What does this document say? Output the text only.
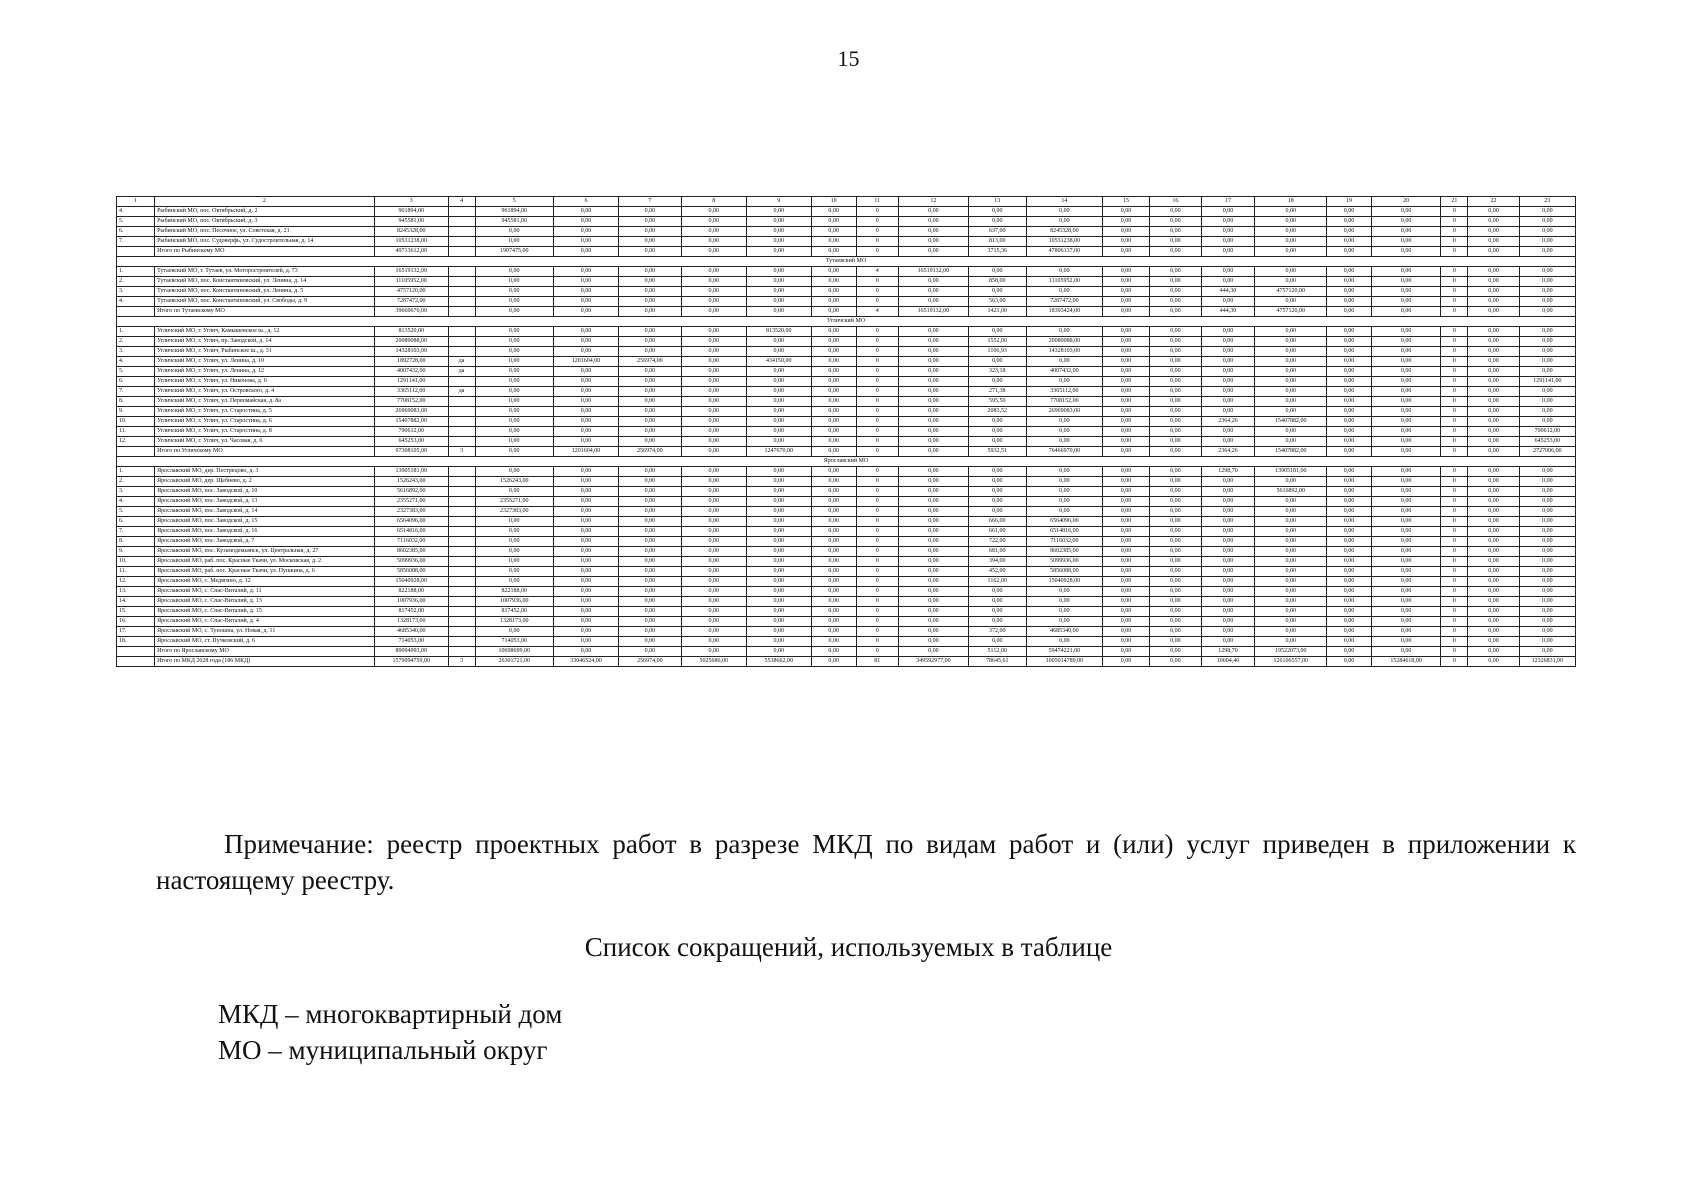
15
1	2	3	4	5	6	7	8	9	10	11	12	13	14	15	16	17	18	19	20	21	22	23
4.	Рыбинский МО, пос. Октябрьский, д. 2	961894,00		961894,00	0,00	0,00	0,00	0,00	0,00	0	0,00	0,00	0,00	0,00	0,00	0,00	0,00	0,00	0,00	0	0,00	0,00
5.	Рыбинский МО, пос. Октябрьский, д. 3	945581,00		945581,00	0,00	0,00	0,00	0,00	0,00	0	0,00	0,00	0,00	0,00	0,00	0,00	0,00	0,00	0,00	0	0,00	0,00
6.	Рыбинский МО, пос. Песочное, ул. Советская, д. 21	8245328,00		0,00	0,00	0,00	0,00	0,00	0,00	0	0,00	637,00	8245328,00	0,00	0,00	0,00	0,00	0,00	0,00	0	0,00	0,00
7.	Рыбинский МО, пос. Судоверфь, ул. Судостроительная, д. 14	10531238,00		0,00	0,00	0,00	0,00	0,00	0,00	0	0,00	813,00	10531238,00	0,00	0,00	0,00	0,00	0,00	0,00	0	0,00	0,00
	Итого по Рыбинскому МО	49713612,00		1907475,00	0,00	0,00	0,00	0,00	0,00	0	0,00	3715,36	47806137,00	0,00	0,00	0,00	0,00	0,00	0,00	0	0,00	0,00
Тутаевский МО																						
1.	Тутаевский МО, г. Тутаев, ул. Моторостроителей, д. 73	16519132,00		0,00	0,00	0,00	0,00	0,00	0,00	4	16519132,00	0,00	0,00	0,00	0,00	0,00	0,00	0,00	0,00	0	0,00	0,00
2.	Тутаевский МО, пос. Константиновский, ул. Ленина, д. 14	11105952,00		0,00	0,00	0,00	0,00	0,00	0,00	0	0,00	858,00	11105952,00	0,00	0,00	0,00	0,00	0,00	0,00	0	0,00	0,00
3.	Тутаевский МО, пос. Константиновский, ул. Ленина, д. 5	4757120,00		0,00	0,00	0,00	0,00	0,00	0,00	0	0,00	0,00	0,00	0,00	0,00	444,30	4757120,00	0,00	0,00	0	0,00	0,00
4.	Тутаевский МО, пос. Константиновский, ул. Свободы, д. 9	7287472,00		0,00	0,00	0,00	0,00	0,00	0,00	0	0,00	563,00	7287472,00	0,00	0,00	0,00	0,00	0,00	0,00	0	0,00	0,00
	Итого по Тутаевскому МО	39669676,00		0,00	0,00	0,00	0,00	0,00	0,00	4	16519132,00	1421,00	18393424,00	0,00	0,00	444,30	4757120,00	0,00	0,00	0	0,00	0,00
Угличский МО																						
1.	Угличский МО, г. Углич, Камышевское ш., д. 12	813520,00		0,00	0,00	0,00	0,00	813520,00	0,00	0	0,00	0,00	0,00	0,00	0,00	0,00	0,00	0,00	0,00	0	0,00	0,00
2.	Угличский МО, г. Углич, пр. Заводской, д. 14	20089088,00		0,00	0,00	0,00	0,00	0,00	0,00	0	0,00	1552,00	20089088,00	0,00	0,00	0,00	0,00	0,00	0,00	0	0,00	0,00
3.	Угличский МО, г. Углич, Рыбинское ш., д. 31	14328103,00		0,00	0,00	0,00	0,00	0,00	0,00	0	0,00	1106,93	14328103,00	0,00	0,00	0,00	0,00	0,00	0,00	0	0,00	0,00
4.	Угличский МО, г. Углич, ул. Ленина, д. 10	1892728,00	да	0,00	1201604,00	256974,00	0,00	434150,00	0,00	0	0,00	0,00	0,00	0,00	0,00	0,00	0,00	0,00	0,00	0	0,00	0,00
5.	Угличский МО, г. Углич, ул. Ленина, д. 12	4007432,00	да	0,00	0,00	0,00	0,00	0,00	0,00	0	0,00	323,18	4007432,00	0,00	0,00	0,00	0,00	0,00	0,00	0	0,00	0,00
6.	Угличский МО, г. Углич, ул. Никонова, д. 6	1291141,00		0,00	0,00	0,00	0,00	0,00	0,00	0	0,00	0,00	0,00	0,00	0,00	0,00	0,00	0,00	0,00	0	0,00	1291141,00
7.	Угличский МО, г. Углич, ул. Островского, д. 4	3365112,00	да	0,00	0,00	0,00	0,00	0,00	0,00	0	0,00	271,38	3365112,00	0,00	0,00	0,00	0,00	0,00	0,00	0	0,00	0,00
8.	Угличский МО, г. Углич, ул. Первомайская, д. 8а	7708152,00		0,00	0,00	0,00	0,00	0,00	0,00	0	0,00	595,50	7708152,00	0,00	0,00	0,00	0,00	0,00	0,00	0	0,00	0,00
9.	Угличский МО, г. Углич, ул. Старостина, д. 5	26969083,00		0,00	0,00	0,00	0,00	0,00	0,00	0	0,00	2083,52	26969083,00	0,00	0,00	0,00	0,00	0,00	0,00	0	0,00	0,00
10.	Угличский МО, г. Углич, ул. Старостина, д. 6	15407882,00		0,00	0,00	0,00	0,00	0,00	0,00	0	0,00	0,00	0,00	0,00	0,00	2364,26	15407882,00	0,00	0,00	0	0,00	0,00
11.	Угличский МО, г. Углич, ул. Старостина, д. 8	790612,00		0,00	0,00	0,00	0,00	0,00	0,00	0	0,00	0,00	0,00	0,00	0,00	0,00	0,00	0,00	0,00	0	0,00	790612,00
12.	Угличский МО, г. Углич, ул. Часовая, д. 6	645253,00		0,00	0,00	0,00	0,00	0,00	0,00	0	0,00	0,00	0,00	0,00	0,00	0,00	0,00	0,00	0,00	0	0,00	645253,00
	Итого по Угличскому МО	97308105,00	3	0,00	1201604,00	256974,00	0,00	1247670,00	0,00	0	0,00	5932,51	76466970,00	0,00	0,00	2364,26	15407882,00	0,00	0,00	0	0,00	2727006,00
Ярославский МО																						
1.	Ярославский МО, дер. Пестрецово, д. 3	13905181,00		0,00	0,00	0,00	0,00	0,00	0,00	0	0,00	0,00	0,00	0,00	0,00	1298,70	13905181,00	0,00	0,00	0	0,00	0,00
2.	Ярославский МО, дер. Щебнево, д. 2	1526243,00		1526243,00	0,00	0,00	0,00	0,00	0,00	0	0,00	0,00	0,00	0,00	0,00	0,00	0,00	0,00	0,00	0	0,00	0,00
3.	Ярославский МО, пос. Заводской, д. 10	5616892,00		0,00	0,00	0,00	0,00	0,00	0,00	0	0,00	0,00	0,00	0,00	0,00	0,00	5616892,00	0,00	0,00	0	0,00	0,00
4.	Ярославский МО, пос. Заводской, д. 13	2355271,00		2355271,00	0,00	0,00	0,00	0,00	0,00	0	0,00	0,00	0,00	0,00	0,00	0,00	0,00	0,00	0,00	0	0,00	0,00
5.	Ярославский МО, пос. Заводской, д. 14	2327383,00		2327383,00	0,00	0,00	0,00	0,00	0,00	0	0,00	0,00	0,00	0,00	0,00	0,00	0,00	0,00	0,00	0	0,00	0,00
6.	Ярославский МО, пос. Заводской, д. 15	6564096,00		0,00	0,00	0,00	0,00	0,00	0,00	0	0,00	666,00	6564096,00	0,00	0,00	0,00	0,00	0,00	0,00	0	0,00	0,00
7.	Ярославский МО, пос. Заводской, д. 16	6514816,00		0,00	0,00	0,00	0,00	0,00	0,00	0	0,00	661,00	6514816,00	0,00	0,00	0,00	0,00	0,00	0,00	0	0,00	0,00
8.	Ярославский МО, пос. Заводской, д. 7	7116032,00		0,00	0,00	0,00	0,00	0,00	0,00	0	0,00	722,00	7116032,00	0,00	0,00	0,00	0,00	0,00	0,00	0	0,00	0,00
9.	Ярославский МО, пос. Кузьмодемьянск, ул. Центральная, д. 27	8602385,00		0,00	0,00	0,00	0,00	0,00	0,00	0	0,00	681,00	8602385,00	0,00	0,00	0,00	0,00	0,00	0,00	0	0,00	0,00
10.	Ярославский МО, раб. пос. Красные Ткачи, ул. Московская, д. 2	5099936,00		0,00	0,00	0,00	0,00	0,00	0,00	0	0,00	394,00	5099936,00	0,00	0,00	0,00	0,00	0,00	0,00	0	0,00	0,00
11.	Ярославский МО, раб. пос. Красные Ткачи, ул. Пушкина, д. 6	5856088,00		0,00	0,00	0,00	0,00	0,00	0,00	0	0,00	452,00	5856088,00	0,00	0,00	0,00	0,00	0,00	0,00	0	0,00	0,00
12.	Ярославский МО, с. Медягино, д. 12	15040928,00		0,00	0,00	0,00	0,00	0,00	0,00	0	0,00	1162,00	15040928,00	0,00	0,00	0,00	0,00	0,00	0,00	0	0,00	0,00
13.	Ярославский МО, с. Спас-Виталий, д. 11	822188,00		822188,00	0,00	0,00	0,00	0,00	0,00	0	0,00	0,00	0,00	0,00	0,00	0,00	0,00	0,00	0,00	0	0,00	0,00
14.	Ярославский МО, с. Спас-Виталий, д. 13	1007936,00		1007936,00	0,00	0,00	0,00	0,00	0,00	0	0,00	0,00	0,00	0,00	0,00	0,00	0,00	0,00	0,00	0	0,00	0,00
15.	Ярославский МО, с. Спас-Виталий, д. 15	817452,00		817452,00	0,00	0,00	0,00	0,00	0,00	0	0,00	0,00	0,00	0,00	0,00	0,00	0,00	0,00	0,00	0	0,00	0,00
16.	Ярославский МО, с. Спас-Виталий, д. 4	1328173,00		1328173,00	0,00	0,00	0,00	0,00	0,00	0	0,00	0,00	0,00	0,00	0,00	0,00	0,00	0,00	0,00	0	0,00	0,00
17.	Ярославский МО, с. Туношна, ул. Новая, д. 11	4685340,00		0,00	0,00	0,00	0,00	0,00	0,00	0	0,00	372,00	4685340,00	0,00	0,00	0,00	0,00	0,00	0,00	0	0,00	0,00
18.	Ярославский МО, ст. Пучковский, д. 6	714053,00		714053,00	0,00	0,00	0,00	0,00	0,00	0	0,00	0,00	0,00	0,00	0,00	0,00	0,00	0,00	0,00	0	0,00	0,00
	Итого по Ярославскому МО	89094993,00		10698699,00	0,00	0,00	0,00	0,00	0,00	0	0,00	5112,00	59474221,00	0,00	0,00	1298,70	19522073,00	0,00	0,00	0	0,00	0,00
	Итого по МКД 2028 года (186 МКД)	1579094759,00	3	26301721,00	33046524,00	256974,00	5025686,00	5538662,00	0,00	81	349592977,00	78645,61	1005014789,00	0,00	0,00	10604,46	126106557,00	0,00	15284618,00	0	0,00	12326831,00
Примечание: реестр проектных работ в разрезе МКД по видам работ и (или) услуг приведен в приложении к настоящему реестру.
Список сокращений, используемых в таблице
МКД – многоквартирный дом
МО – муниципальный округ
